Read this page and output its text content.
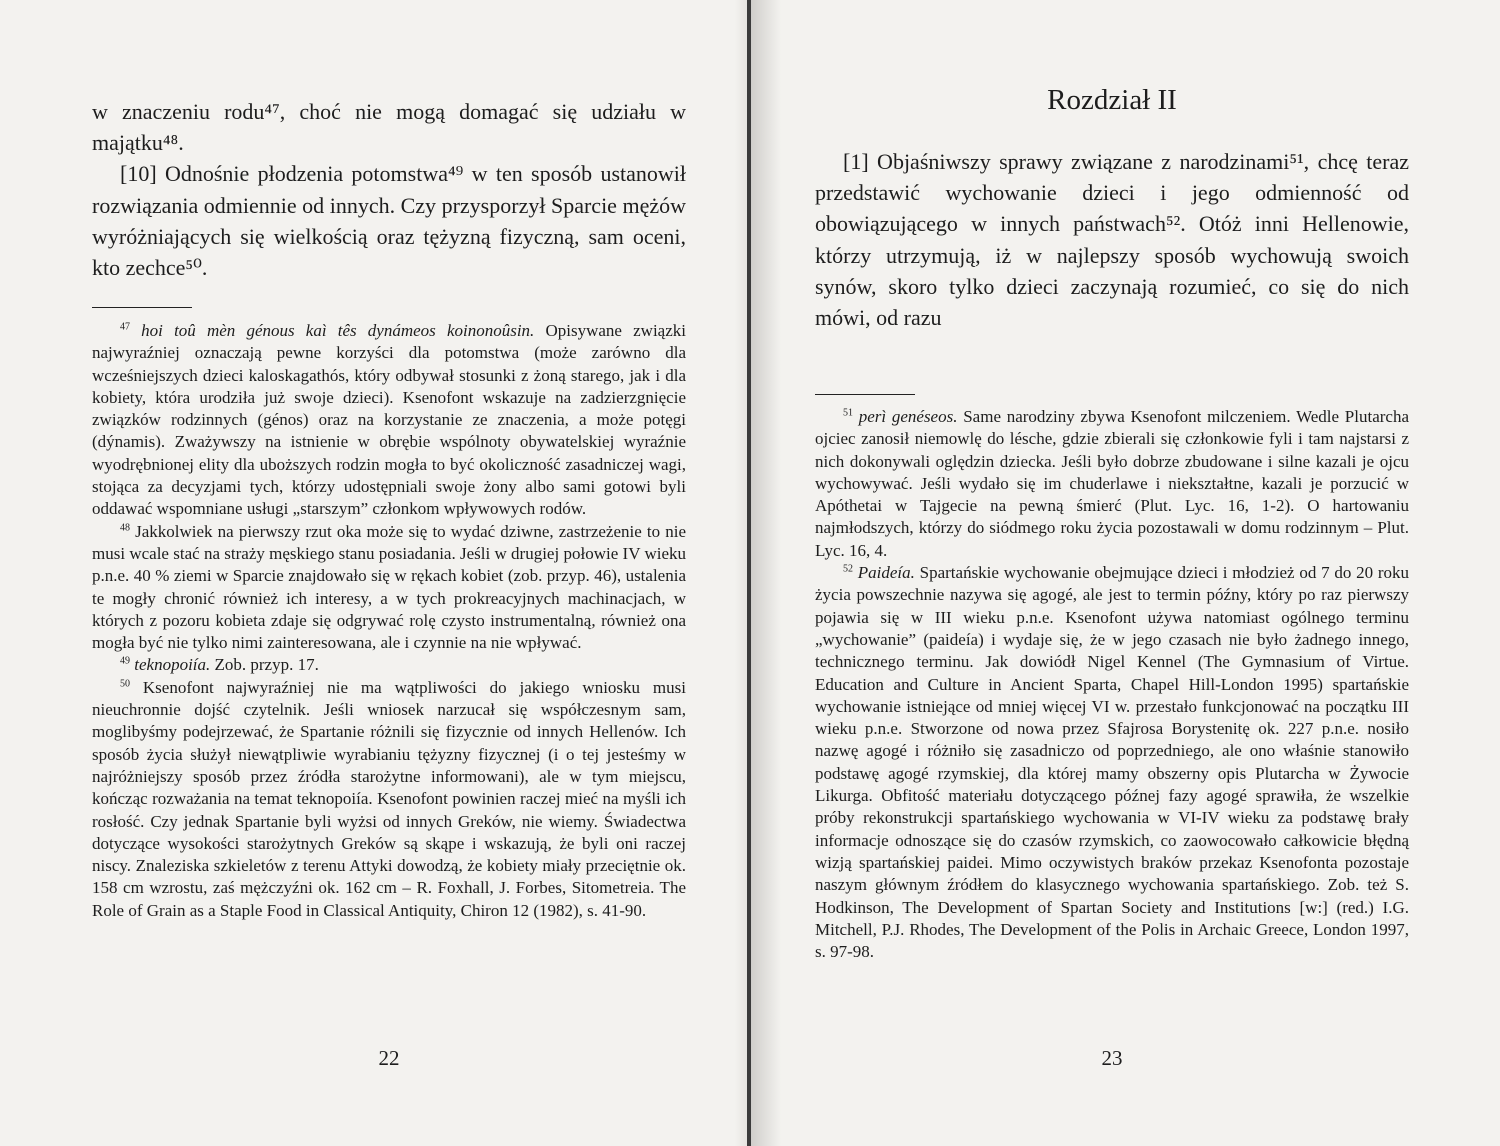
w znaczeniu rodu⁴⁷, choć nie mogą domagać się udziału w majątku⁴⁸.

[10] Odnośnie płodzenia potomstwa⁴⁹ w ten sposób ustanowił rozwiązania odmiennie od innych. Czy przysporzył Sparcie mężów wyróżniających się wielkością oraz tężyzną fizyczną, sam oceni, kto zechce⁵⁰.

$^{47}$ hoi toû mèn génous kaì tês dynámeos koinonoûsin. Opisywane związki najwyraźniej oznaczają pewne korzyści dla potomstwa (może zarówno dla wcześniejszych dzieci kaloskagathós, który odbywał stosunki z żoną starego, jak i dla kobiety, która urodziła już swoje dzieci). Ksenofont wskazuje na zadzierzgnięcie związków rodzinnych (génos) oraz na korzystanie ze znaczenia, a może potęgi (dýnamis). Zważywszy na istnienie w obrębie wspólnoty obywatelskiej wyraźnie wyodrębnionej elity dla uboższych rodzin mogła to być okoliczność zasadniczej wagi, stojąca za decyzjami tych, którzy udostępniali swoje żony albo sami gotowi byli oddawać wspomniane usługi „starszym” członkom wpływowych rodów.

$^{48}$ Jakkolwiek na pierwszy rzut oka może się to wydać dziwne, zastrzeżenie to nie musi wcale stać na straży męskiego stanu posiadania. Jeśli w drugiej połowie IV wieku p.n.e. 40 % ziemi w Sparcie znajdowało się w rękach kobiet (zob. przyp. 46), ustalenia te mogły chronić również ich interesy, a w tych prokreacyjnych machinacjach, w których z pozoru kobieta zdaje się odgrywać rolę czysto instrumentalną, również ona mogła być nie tylko nimi zainteresowana, ale i czynnie na nie wpływać.

$^{49}$ teknopoiía. Zob. przyp. 17.

$^{50}$ Ksenofont najwyraźniej nie ma wątpliwości do jakiego wniosku musi nieuchronnie dojść czytelnik. Jeśli wniosek narzucał się współczesnym sam, moglibyśmy podejrzewać, że Spartanie różnili się fizycznie od innych Hellenów. Ich sposób życia służył niewątpliwie wyrabianiu tężyzny fizycznej (i o tej jesteśmy w najróżniejszy sposób przez źródła starożytne informowani), ale w tym miejscu, kończąc rozważania na temat teknopoiía. Ksenofont powinien raczej mieć na myśli ich rosłość. Czy jednak Spartanie byli wyżsi od innych Greków, nie wiemy. Świadectwa dotyczące wysokości starożytnych Greków są skąpe i wskazują, że byli oni raczej niscy. Znaleziska szkieletów z terenu Attyki dowodzą, że kobiety miały przeciętnie ok. 158 cm wzrostu, zaś mężczyźni ok. 162 cm – R. Foxhall, J. Forbes, Sitometreia. The Role of Grain as a Staple Food in Classical Antiquity, Chiron 12 (1982), s. 41-90.

22
Rozdział II

[1] Objaśniwszy sprawy związane z narodzinami⁵¹, chcę teraz przedstawić wychowanie dzieci i jego odmienność od obowiązującego w innych państwach⁵². Otóż inni Hellenowie, którzy utrzymują, iż w najlepszy sposób wychowują swoich synów, skoro tylko dzieci zaczynają rozumieć, co się do nich mówi, od razu

$^{51}$ perì genéseos. Same narodziny zbywa Ksenofont milczeniem. Wedle Plutarcha ojciec zanosił niemowlę do lésche, gdzie zbierali się członkowie fyli i tam najstarsi z nich dokonywali oględzin dziecka. Jeśli było dobrze zbudowane i silne kazali je ojcu wychowywać. Jeśli wydało się im chuderlawe i niekształtne, kazali je porzucić w Apóthetai w Tajgecie na pewną śmierć (Plut. Lyc. 16, 1-2). O hartowaniu najmłodszych, którzy do siódmego roku życia pozostawali w domu rodzinnym – Plut. Lyc. 16, 4.

$^{52}$ Paideía. Spartańskie wychowanie obejmujące dzieci i młodzież od 7 do 20 roku życia powszechnie nazywa się agogé, ale jest to termin późny, który po raz pierwszy pojawia się w III wieku p.n.e. Ksenofont używa natomiast ogólnego terminu „wychowanie” (paideía) i wydaje się, że w jego czasach nie było żadnego innego, technicznego terminu. Jak dowiódł Nigel Kennel (The Gymnasium of Virtue. Education and Culture in Ancient Sparta, Chapel Hill-London 1995) spartańskie wychowanie istniejące od mniej więcej VI w. przestało funkcjonować na początku III wieku p.n.e. Stworzone od nowa przez Sfajrosa Borystenitę ok. 227 p.n.e. nosiło nazwę agogé i różniło się zasadniczo od poprzedniego, ale ono właśnie stanowiło podstawę agogé rzymskiej, dla której mamy obszerny opis Plutarcha w Żywocie Likurga. Obfitość materiału dotyczącego późnej fazy agogé sprawiła, że wszelkie próby rekonstrukcji spartańskiego wychowania w VI-IV wieku za podstawę brały informacje odnoszące się do czasów rzymskich, co zaowocowało całkowicie błędną wizją spartańskiej paidei. Mimo oczywistych braków przekaz Ksenofonta pozostaje naszym głównym źródłem do klasycznego wychowania spartańskiego. Zob. też S. Hodkinson, The Development of Spartan Society and Institutions [w:] (red.) I.G. Mitchell, P.J. Rhodes, The Development of the Polis in Archaic Greece, London 1997, s. 97-98.

23
